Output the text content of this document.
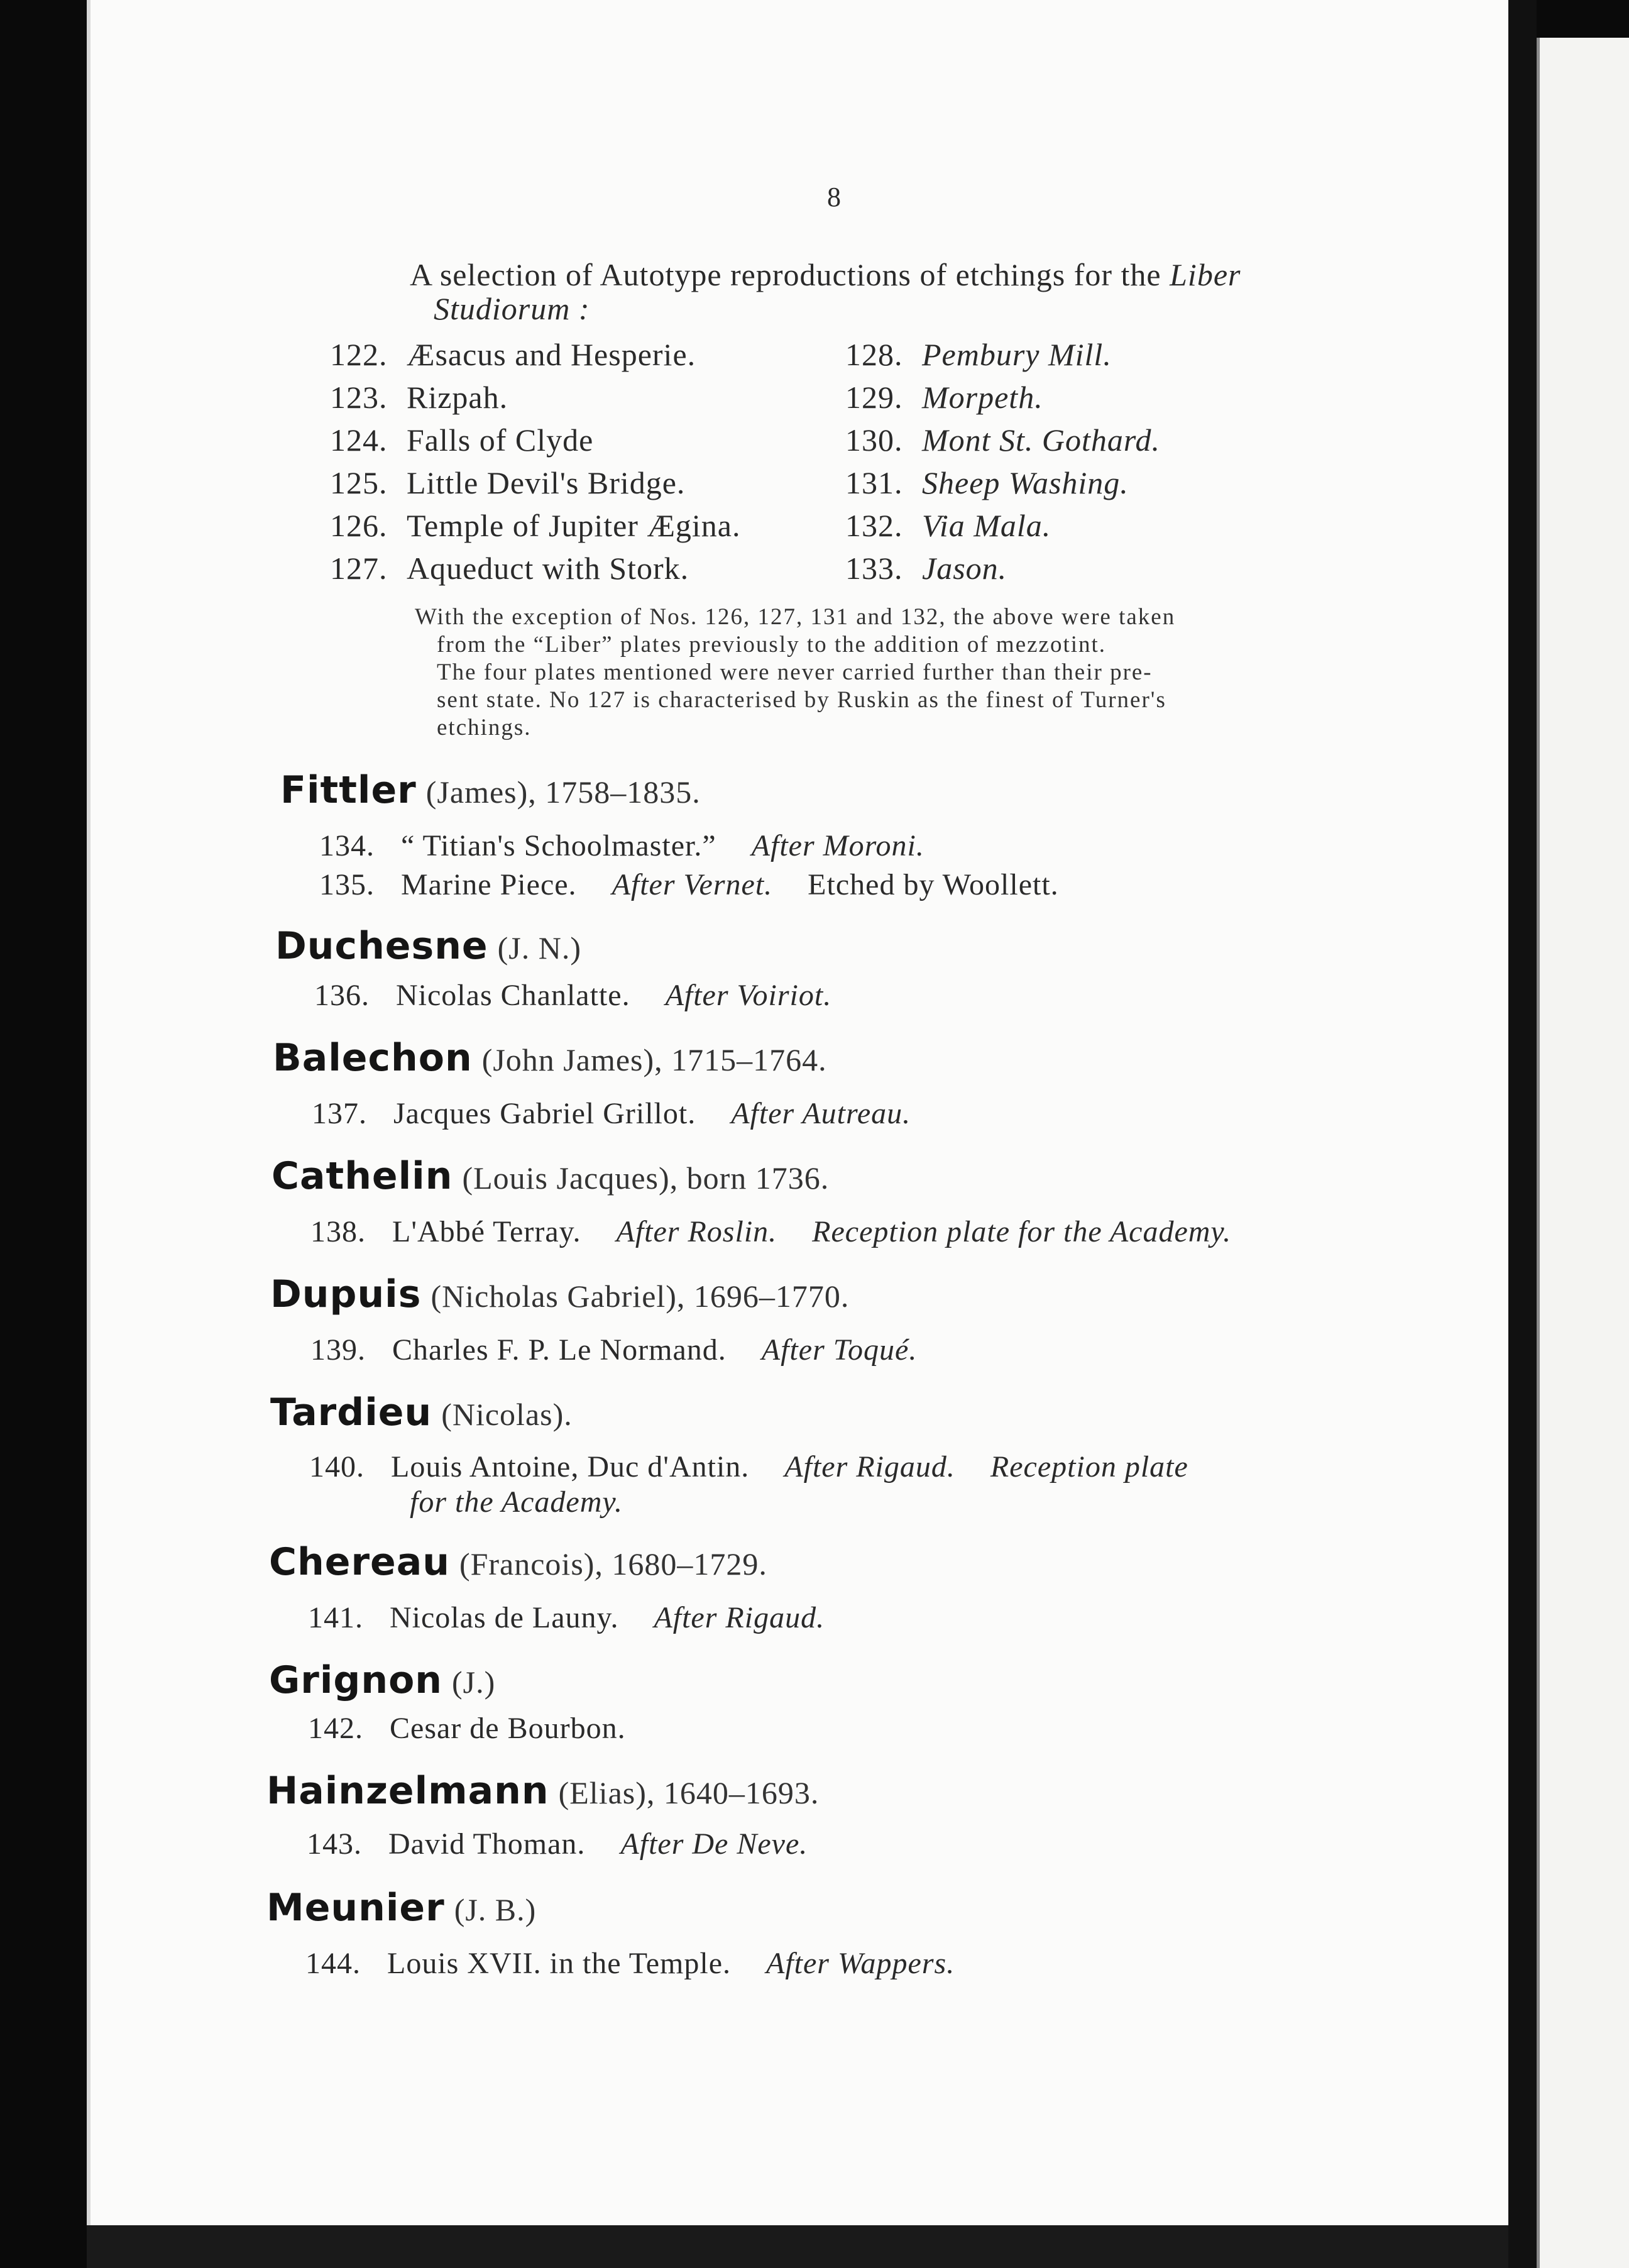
8
A selection of Autotype reproductions of etchings for the Liber
Studiorum :
122. Æsacus and Hesperie.
123. Rizpah.
124. Falls of Clyde
125. Little Devil's Bridge.
126. Temple of Jupiter Ægina.
127. Aqueduct with Stork.
128. Pembury Mill.
129. Morpeth.
130. Mont St. Gothard.
131. Sheep Washing.
132. Via Mala.
133. Jason.
With the exception of Nos. 126, 127, 131 and 132, the above were taken
from the “Liber” plates previously to the addition of mezzotint.
The four plates mentioned were never carried further than their pre-
sent state. No 127 is characterised by Ruskin as the finest of Turner's
etchings.
Fittler (James), 1758–1835.
134. “ Titian's Schoolmaster.” After Moroni.
135. Marine Piece. After Vernet. Etched by Woollett.
Duchesne (J. N.)
136. Nicolas Chanlatte. After Voiriot.
Balechon (John James), 1715–1764.
137. Jacques Gabriel Grillot. After Autreau.
Cathelin (Louis Jacques), born 1736.
138. L'Abbé Terray. After Roslin. Reception plate for the Academy.
Dupuis (Nicholas Gabriel), 1696–1770.
139. Charles F. P. Le Normand. After Toqué.
Tardieu (Nicolas).
140. Louis Antoine, Duc d'Antin. After Rigaud. Reception plate
for the Academy.
Chereau (Francois), 1680–1729.
141. Nicolas de Launy. After Rigaud.
Grignon (J.)
142. Cesar de Bourbon.
Hainzelmann (Elias), 1640–1693.
143. David Thoman. After De Neve.
Meunier (J. B.)
144. Louis XVII. in the Temple. After Wappers.
